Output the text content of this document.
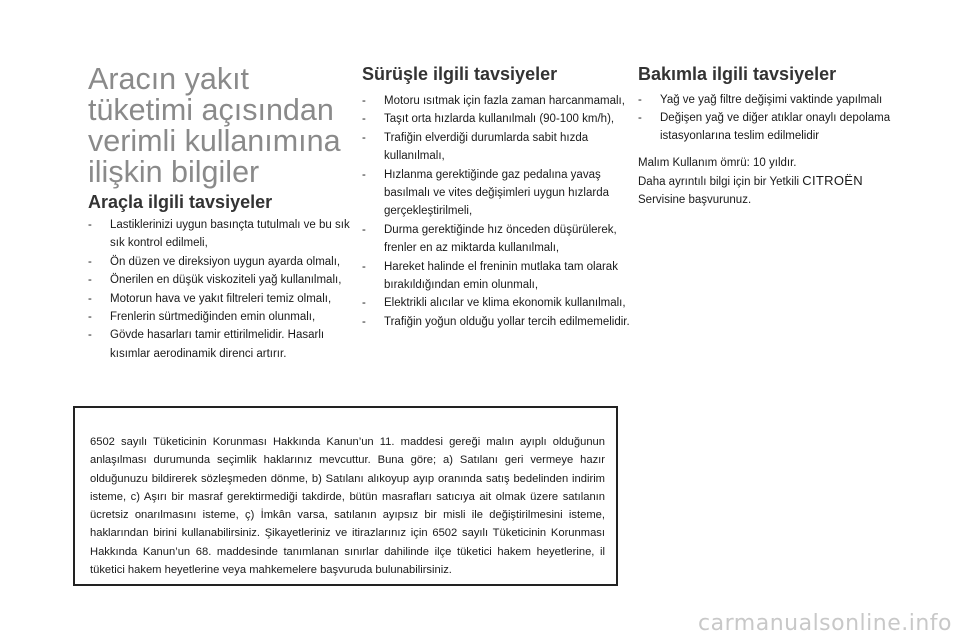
Aracın yakıt tüketimi açısından verimli kullanımına ilişkin bilgiler
Araçla ilgili tavsiyeler
- Lastiklerinizi uygun basınçta tutulmalı ve bu sık sık kontrol edilmeli,
- Ön düzen ve direksiyon uygun ayarda olmalı,
- Önerilen en düşük viskoziteli yağ kullanılmalı,
- Motorun hava ve yakıt filtreleri temiz olmalı,
- Frenlerin sürtmediğinden emin olunmalı,
- Gövde hasarları tamir ettirilmelidir. Hasarlı kısımlar aerodinamik direnci artırır.
Sürüşle ilgili tavsiyeler
- Motoru ısıtmak için fazla zaman harcanmamalı,
- Taşıt orta hızlarda kullanılmalı (90-100 km/h),
- Trafiğin elverdiği durumlarda sabit hızda kullanılmalı,
- Hızlanma gerektiğinde gaz pedalına yavaş basılmalı ve vites değişimleri uygun hızlarda gerçekleştirilmeli,
- Durma gerektiğinde hız önceden düşürülerek, frenler en az miktarda kullanılmalı,
- Hareket halinde el freninin mutlaka tam olarak bırakıldığından emin olunmalı,
- Elektrikli alıcılar ve klima ekonomik kullanılmalı,
- Trafiğin yoğun olduğu yollar tercih edilmemelidir.
Bakımla ilgili tavsiyeler
- Yağ ve yağ filtre değişimi vaktinde yapılmalı
- Değişen yağ ve diğer atıklar onaylı depolama istasyonlarına teslim edilmelidir

Malım Kullanım ömrü: 10 yıldır.

Daha ayrıntılı bilgi için bir Yetkili CITROËN Servisine başvurunuz.

6502 sayılı Tüketicinin Korunması Hakkında Kanun’un 11. maddesi gereği malın ayıplı olduğunun anlaşılması durumunda seçimlik haklarınız mevcuttur. Buna göre; a) Satılanı geri vermeye hazır olduğunuzu bildirerek sözleşmeden dönme, b) Satılanı alıkoyup ayıp oranında satış bedelinden indirim isteme, c) Aşırı bir masraf gerektirmediği takdirde, bütün masrafları satıcıya ait olmak üzere satılanın ücretsiz onarılmasını isteme, ç) İmkân varsa, satılanın ayıpsız bir misli ile değiştirilmesini isteme, haklarından birini kullanabilirsiniz. Şikayetleriniz ve itirazlarınız için 6502 sayılı Tüketicinin Korunması Hakkında Kanun’un 68. maddesinde tanımlanan sınırlar dahilinde ilçe tüketici hakem heyetlerine, il tüketici hakem heyetlerine veya mahkemelere başvuruda bulunabilirsiniz.

carmanualsonline.info
